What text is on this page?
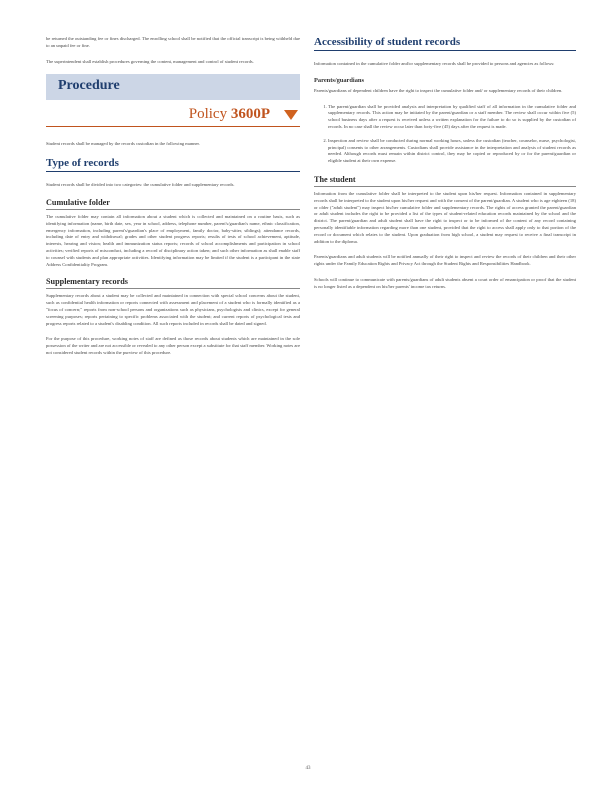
be returned the outstanding fee or fines discharged. The enrolling school shall be notified that the official transcript is being withheld due to an unpaid fee or fine.

The superintendent shall establish procedures governing the content, management and control of student records.

Procedure
Policy 3600P

Student records shall be managed by the records custodian in the following manner.

Type of records

Student records shall be divided into two categories: the cumulative folder and supplementary records.

Cumulative folder

The cumulative folder may contain all information about a student which is collected and maintained on a routine basis, such as identifying information (name, birth date, sex, year in school, address, telephone number, parent's/guardian's name, ethnic classification, emergency information, including parent's/guardian's place of employment, family doctor, baby-sitter, siblings); attendance records, including date of entry and withdrawal; grades and other student progress reports; results of tests of school achievement, aptitude, interests, hearing and vision; health and immunization status reports; records of school accomplishments and participation in school activities; verified reports of misconduct, including a record of disciplinary action taken; and such other information as shall enable staff to counsel with students and plan appropriate activities. Identifying information may be limited if the student is a participant in the state Address Confidentiality Program.

Supplementary records

Supplementary records about a student may be collected and maintained in connection with special school concerns about the student, such as confidential health information or reports connected with assessment and placement of a student who is formally identified as a "focus of concern;" reports from non-school persons and organizations such as physicians, psychologists and clinics, except for general screening purposes; reports pertaining to specific problems associated with the student; and current reports of psychological tests and progress reports related to a student's disabling condition. All such reports included in records shall be dated and signed.

For the purpose of this procedure, working notes of staff are defined as those records about students which are maintained in the sole possession of the writer and are not accessible or revealed to any other person except a substitute for that staff member. Working notes are not considered student records within the purview of this procedure.

Accessibility of student records

Information contained in the cumulative folder and/or supplementary records shall be provided to persons and agencies as follows:

Parents/guardians

Parents/guardians of dependent children have the right to inspect the cumulative folder and/ or supplementary records of their children.

1. The parent/guardian shall be provided analysis and interpretation by qualified staff of all information in the cumulative folder and supplementary records. This action may be initiated by the parent/guardian or a staff member. The review shall occur within five (5) school business days after a request is received unless a written explanation for the failure to do so is supplied by the custodian of records. In no case shall the review occur later than forty-five (45) days after the request is made.
2. Inspection and review shall be conducted during normal working hours, unless the custodian (teacher, counselor, nurse, psychologist, principal) consents to other arrangements. Custodians shall provide assistance in the interpretation and analysis of student records as needed. Although records must remain within district control, they may be copied or reproduced by or for the parent/guardian or eligible student at their own expense.
The student

Information from the cumulative folder shall be interpreted to the student upon his/her request. Information contained in supplementary records shall be interpreted to the student upon his/her request and with the consent of the parent/guardian. A student who is age eighteen (18) or older ("adult student") may inspect his/her cumulative folder and supplementary records. The rights of access granted the parent/guardian or adult student includes the right to be provided a list of the types of student-related education records maintained by the school and the district. The parent/guardian and adult student shall have the right to inspect or to be informed of the content of any record containing personally identifiable information regarding more than one student, provided that the right to access shall apply only to that portion of the record or document which relates to the student. Upon graduation from high school, a student may request to receive a final transcript in addition to the diploma.

Parents/guardians and adult students will be notified annually of their right to inspect and review the records of their children and their other rights under the Family Education Rights and Privacy Act through the Student Rights and Responsibilities Handbook.

Schools will continue to communicate with parents/guardians of adult students absent a court order of emancipation or proof that the student is no longer listed as a dependent on his/her parents' income tax returns.

43
